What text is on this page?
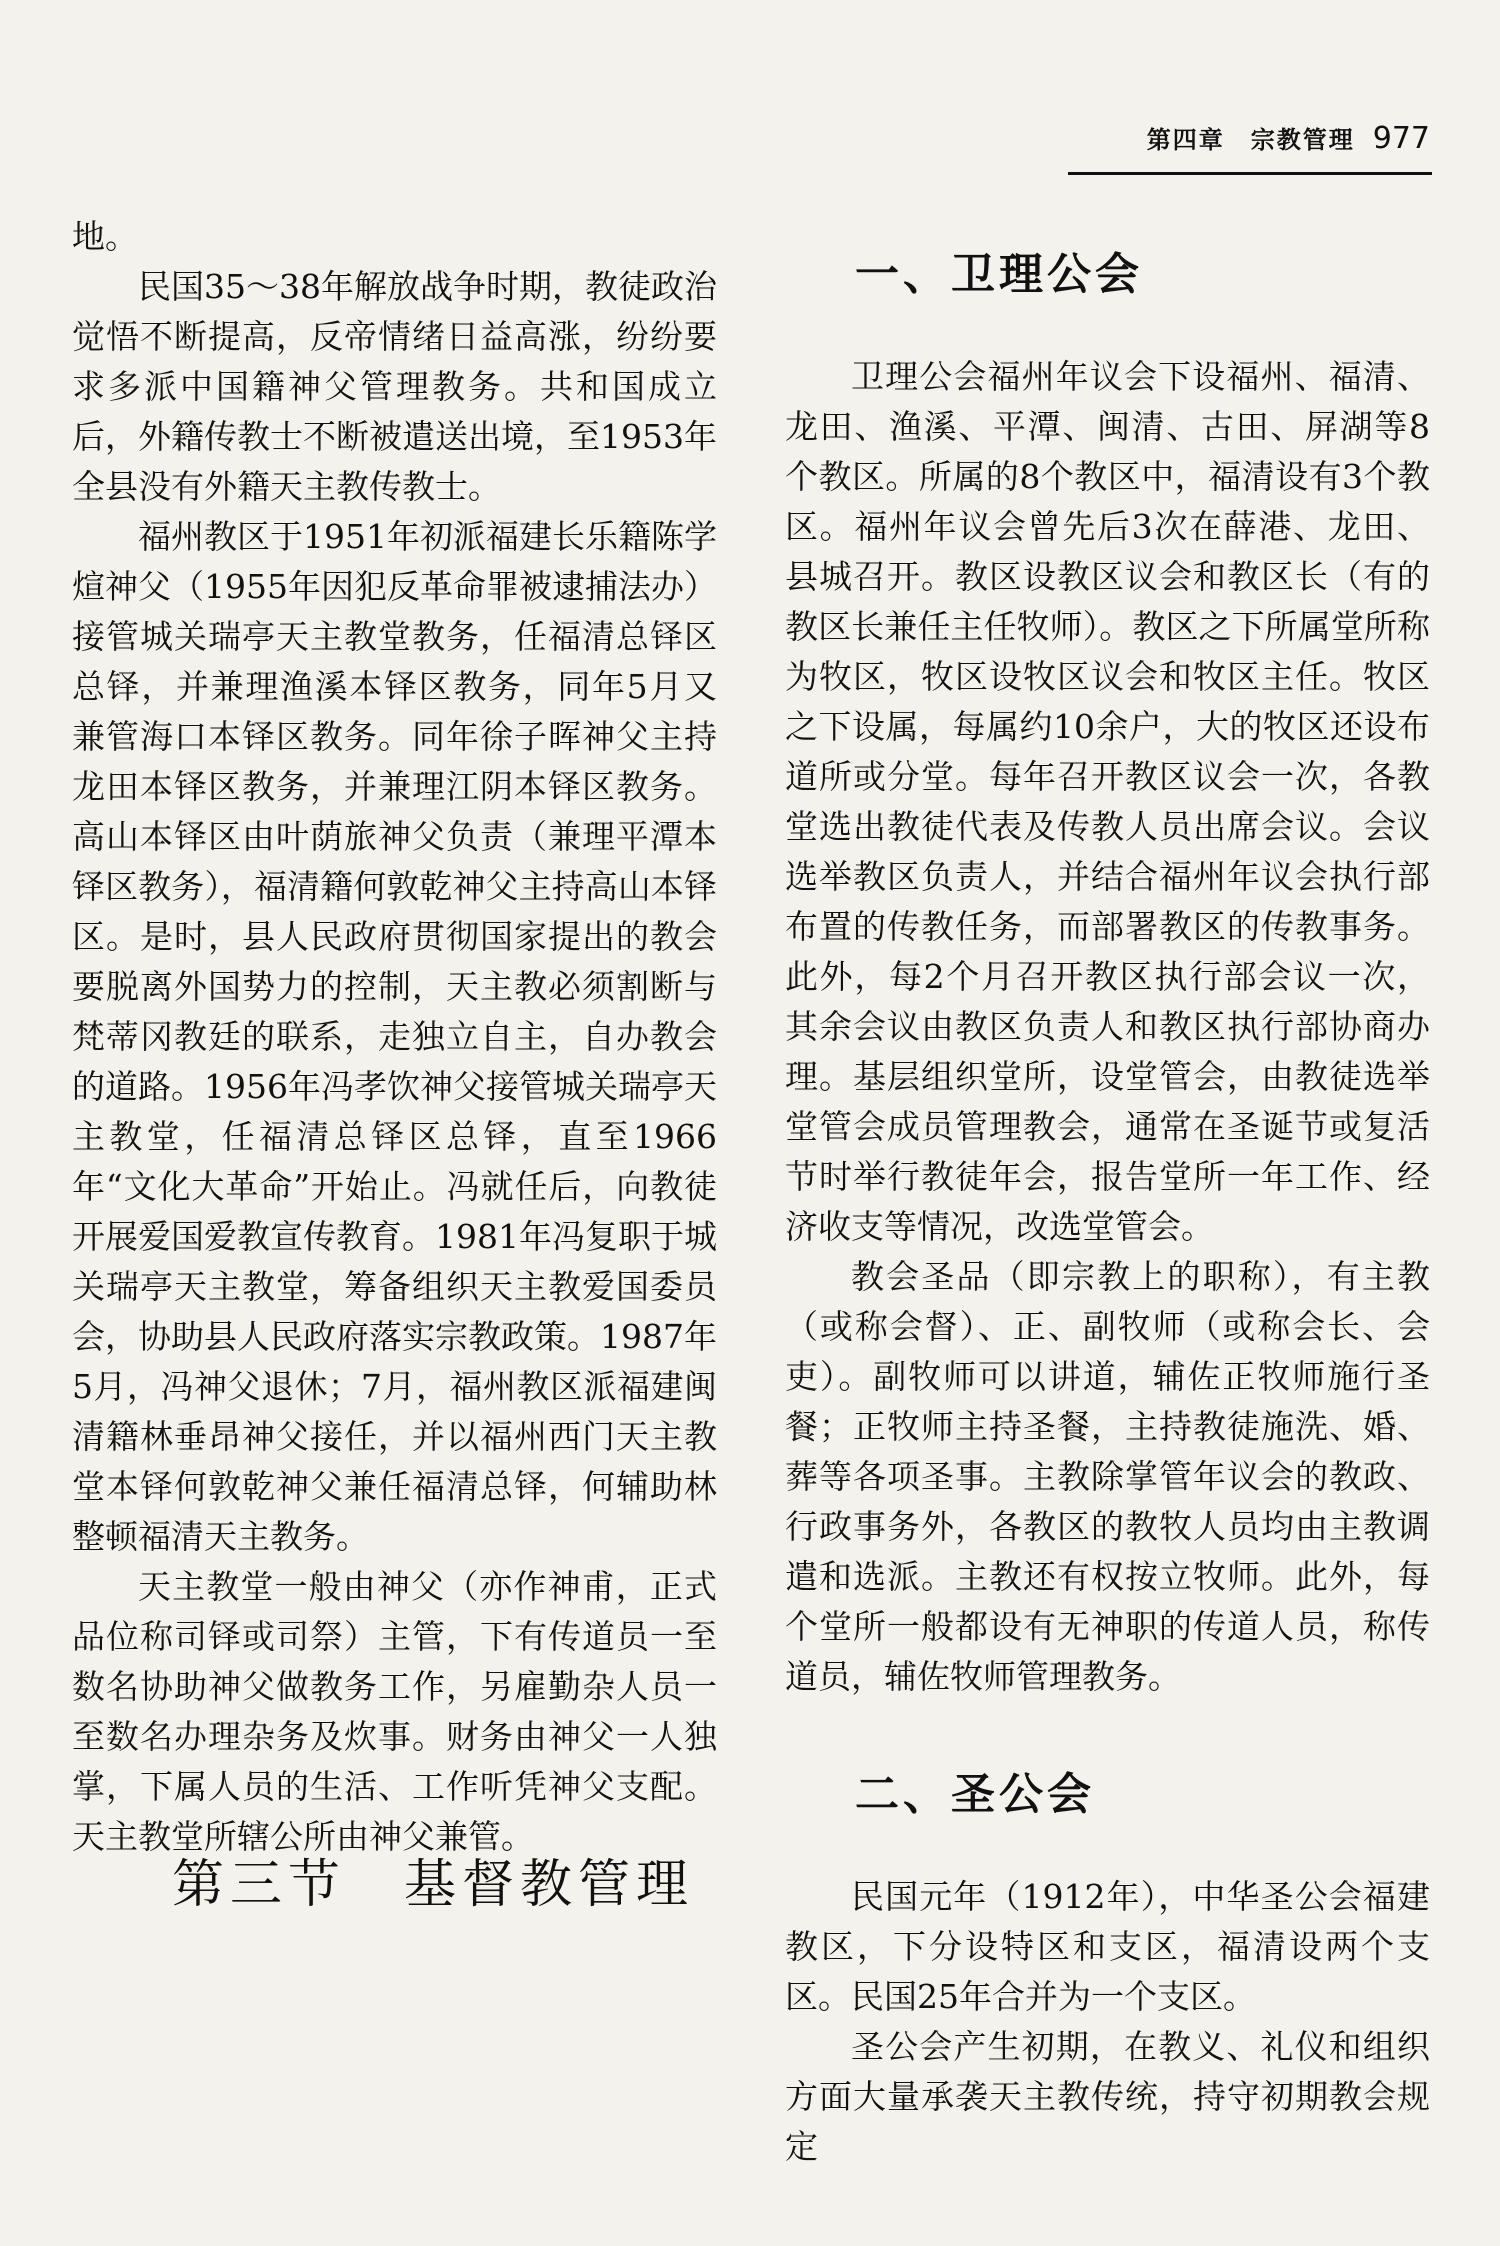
第四章　宗教管理 977

地。

民国35～38年解放战争时期，教徒政治觉悟不断提高，反帝情绪日益高涨，纷纷要求多派中国籍神父管理教务。共和国成立后，外籍传教士不断被遣送出境，至1953年全县没有外籍天主教传教士。

福州教区于1951年初派福建长乐籍陈学煊神父（1955年因犯反革命罪被逮捕法办）接管城关瑞亭天主教堂教务，任福清总铎区总铎，并兼理渔溪本铎区教务，同年5月又兼管海口本铎区教务。同年徐子晖神父主持龙田本铎区教务，并兼理江阴本铎区教务。高山本铎区由叶荫旅神父负责（兼理平潭本铎区教务），福清籍何敦乾神父主持高山本铎区。是时，县人民政府贯彻国家提出的教会要脱离外国势力的控制，天主教必须割断与梵蒂冈教廷的联系，走独立自主，自办教会的道路。1956年冯孝饮神父接管城关瑞亭天主教堂，任福清总铎区总铎，直至1966年“文化大革命”开始止。冯就任后，向教徒开展爱国爱教宣传教育。1981年冯复职于城关瑞亭天主教堂，筹备组织天主教爱国委员会，协助县人民政府落实宗教政策。1987年5月，冯神父退休；7月，福州教区派福建闽清籍林垂昂神父接任，并以福州西门天主教堂本铎何敦乾神父兼任福清总铎，何辅助林整顿福清天主教务。

天主教堂一般由神父（亦作神甫，正式品位称司铎或司祭）主管，下有传道员一至数名协助神父做教务工作，另雇勤杂人员一至数名办理杂务及炊事。财务由神父一人独掌，下属人员的生活、工作听凭神父支配。天主教堂所辖公所由神父兼管。

第三节　基督教管理

一、卫理公会

卫理公会福州年议会下设福州、福清、龙田、渔溪、平潭、闽清、古田、屏湖等8个教区。所属的8个教区中，福清设有3个教区。福州年议会曾先后3次在薛港、龙田、县城召开。教区设教区议会和教区长（有的教区长兼任主任牧师）。教区之下所属堂所称为牧区，牧区设牧区议会和牧区主任。牧区之下设属，每属约10余户，大的牧区还设布道所或分堂。每年召开教区议会一次，各教堂选出教徒代表及传教人员出席会议。会议选举教区负责人，并结合福州年议会执行部布置的传教任务，而部署教区的传教事务。此外，每2个月召开教区执行部会议一次，其余会议由教区负责人和教区执行部协商办理。基层组织堂所，设堂管会，由教徒选举堂管会成员管理教会，通常在圣诞节或复活节时举行教徒年会，报告堂所一年工作、经济收支等情况，改选堂管会。

教会圣品（即宗教上的职称），有主教（或称会督）、正、副牧师（或称会长、会吏）。副牧师可以讲道，辅佐正牧师施行圣餐；正牧师主持圣餐，主持教徒施洗、婚、葬等各项圣事。主教除掌管年议会的教政、行政事务外，各教区的教牧人员均由主教调遣和选派。主教还有权按立牧师。此外，每个堂所一般都设有无神职的传道人员，称传道员，辅佐牧师管理教务。

二、圣公会

民国元年（1912年），中华圣公会福建教区，下分设特区和支区，福清设两个支区。民国25年合并为一个支区。

圣公会产生初期，在教义、礼仪和组织方面大量承袭天主教传统，持守初期教会规定
